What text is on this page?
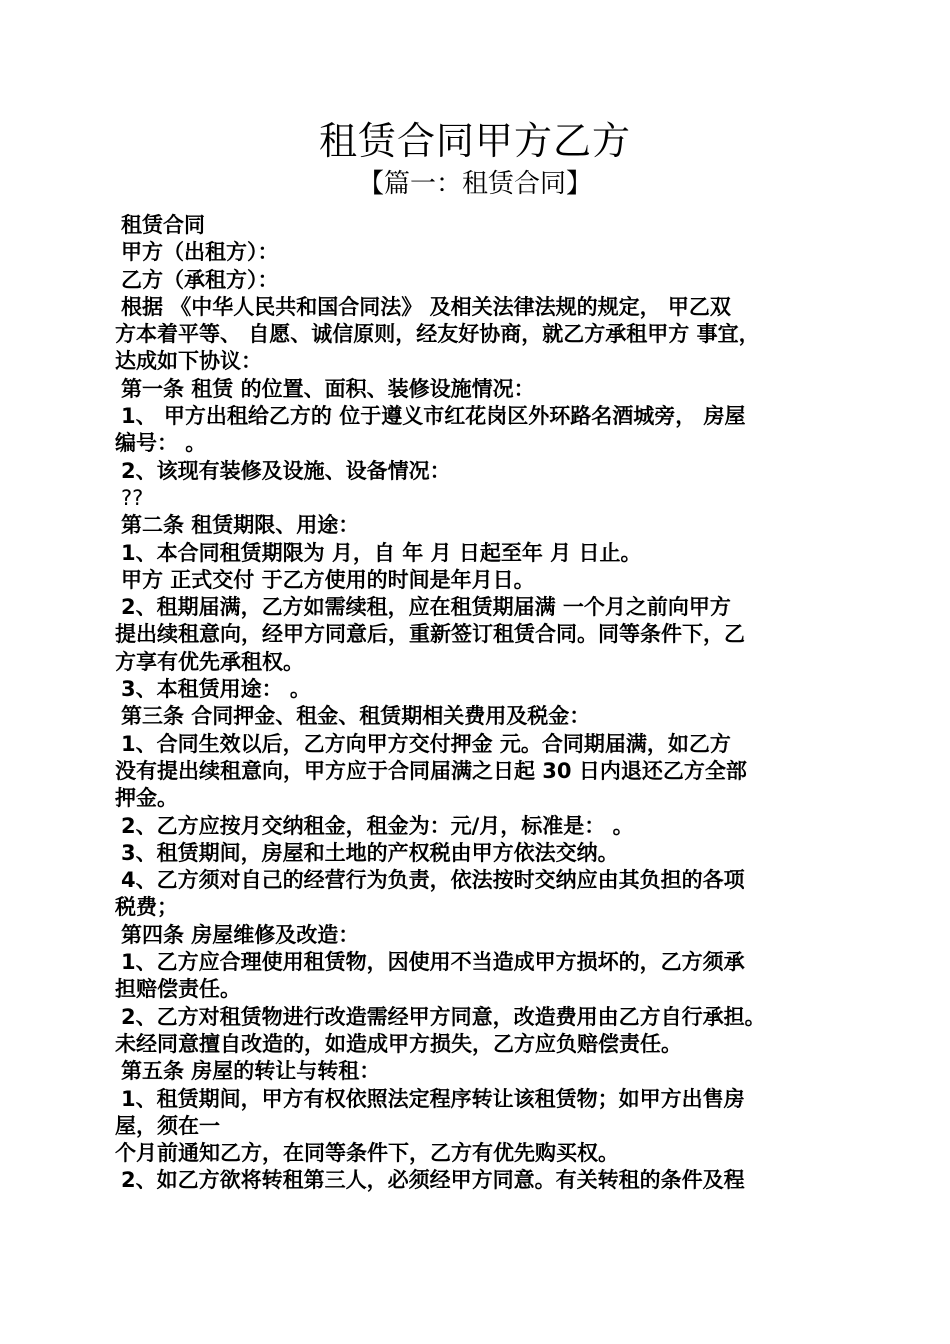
租赁合同甲方乙方
【篇一：租赁合同】
租赁合同
甲方（出租方）：
乙方（承租方）：
根据 《中华人民共和国合同法》 及相关法律法规的规定， 甲乙双
方本着平等、 自愿、诚信原则，经友好协商，就乙方承租甲方 事宜，
达成如下协议：
第一条 租赁 的位置、面积、装修设施情况：
1、 甲方出租给乙方的 位于遵义市红花岗区外环路名酒城旁， 房屋
编号： 。
2、该现有装修及设施、设备情况：
??
第二条 租赁期限、用途：
1、本合同租赁期限为 月，自 年 月 日起至年 月 日止。
甲方 正式交付 于乙方使用的时间是年月日。
2、租期届满，乙方如需续租，应在租赁期届满 一个月之前向甲方
提出续租意向，经甲方同意后，重新签订租赁合同。同等条件下，乙
方享有优先承租权。
3、本租赁用途： 。
第三条 合同押金、租金、租赁期相关费用及税金：
1、合同生效以后，乙方向甲方交付押金 元。合同期届满，如乙方
没有提出续租意向，甲方应于合同届满之日起 30 日内退还乙方全部
押金。
2、乙方应按月交纳租金，租金为：元/月，标准是： 。
3、租赁期间，房屋和土地的产权税由甲方依法交纳。
4、乙方须对自己的经营行为负责，依法按时交纳应由其负担的各项
税费；
第四条 房屋维修及改造：
1、乙方应合理使用租赁物，因使用不当造成甲方损坏的，乙方须承
担赔偿责任。
2、乙方对租赁物进行改造需经甲方同意，改造费用由乙方自行承担。
未经同意擅自改造的，如造成甲方损失，乙方应负赔偿责任。
第五条 房屋的转让与转租：
1、租赁期间，甲方有权依照法定程序转让该租赁物；如甲方出售房
屋，须在一
个月前通知乙方，在同等条件下，乙方有优先购买权。
2、如乙方欲将转租第三人，必须经甲方同意。有关转租的条件及程
